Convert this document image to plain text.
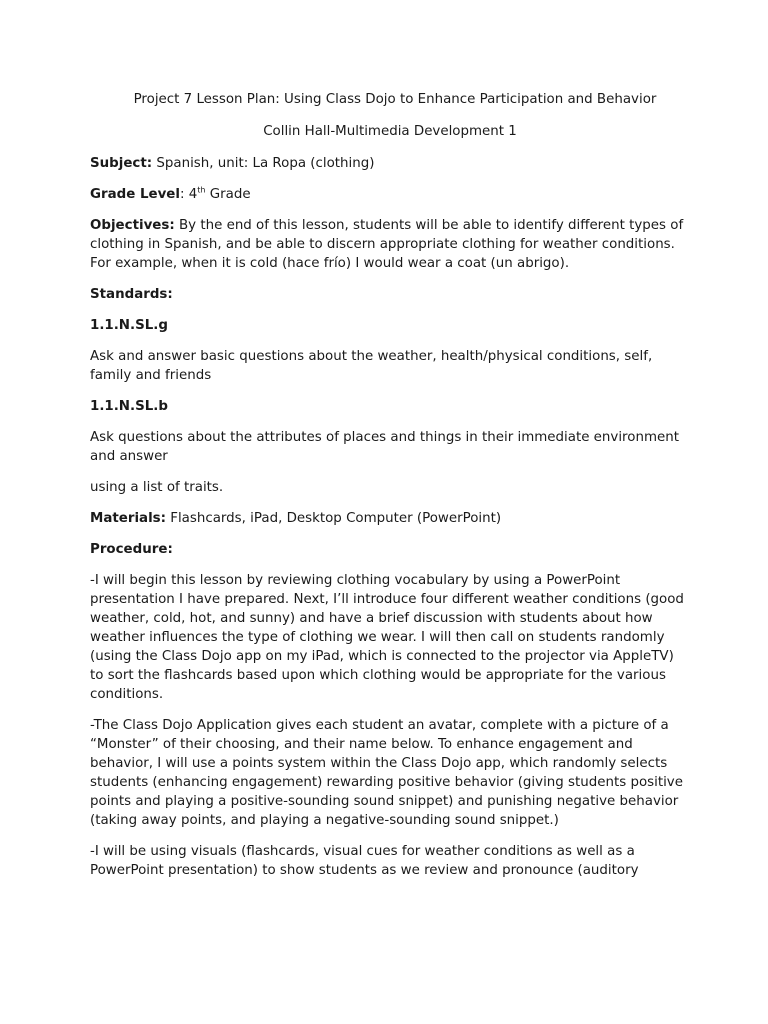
Project 7 Lesson Plan: Using Class Dojo to Enhance Participation and Behavior

Collin Hall-Multimedia Development 1

Subject: Spanish, unit: La Ropa (clothing)

Grade Level: 4th Grade

Objectives: By the end of this lesson, students will be able to identify different types of clothing in Spanish, and be able to discern appropriate clothing for weather conditions. For example, when it is cold (hace frío) I would wear a coat (un abrigo).

Standards:

1.1.N.SL.g

Ask and answer basic questions about the weather, health/physical conditions, self, family and friends

1.1.N.SL.b

Ask questions about the attributes of places and things in their immediate environment and answer

using a list of traits.

Materials: Flashcards, iPad, Desktop Computer (PowerPoint)

Procedure:

-I will begin this lesson by reviewing clothing vocabulary by using a PowerPoint presentation I have prepared. Next, I’ll introduce four different weather conditions (good weather, cold, hot, and sunny) and have a brief discussion with students about how weather influences the type of clothing we wear. I will then call on students randomly (using the Class Dojo app on my iPad, which is connected to the projector via AppleTV) to sort the flashcards based upon which clothing would be appropriate for the various conditions.

-The Class Dojo Application gives each student an avatar, complete with a picture of a “Monster” of their choosing, and their name below. To enhance engagement and behavior, I will use a points system within the Class Dojo app, which randomly selects students (enhancing engagement) rewarding positive behavior (giving students positive points and playing a positive-sounding sound snippet) and punishing negative behavior (taking away points, and playing a negative-sounding sound snippet.)

-I will be using visuals (flashcards, visual cues for weather conditions as well as a PowerPoint presentation) to show students as we review and pronounce (auditory
